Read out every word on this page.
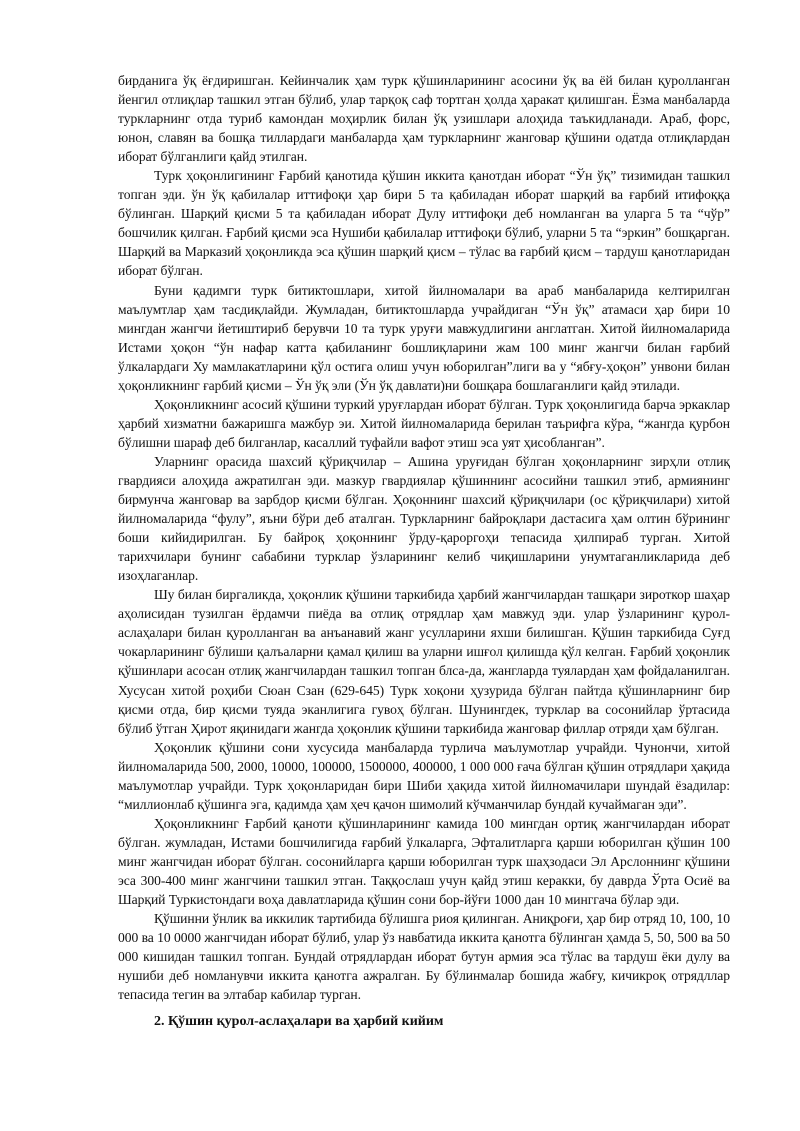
бирданига ўқ ёғдиришган. Кейинчалик ҳам турк қўшинларининг асосини ўқ ва ёй билан қуролланган йенгил отлиқлар ташкил этган бўлиб, улар тарқоқ саф тортган ҳолда ҳаракат қилишган. Ёзма манбаларда туркларнинг отда туриб камондан моҳирлик билан ўқ узишлари алоҳида таъкидланади. Араб, форс, юнон, славян ва бошқа тиллардаги манбаларда ҳам туркларнинг жанговар қўшини одатда отлиқлардан иборат бўлганлиги қайд этилган.

Турк ҳоқонлигининг Ғарбий қанотида қўшин иккита қанотдан иборат “Ўн ўқ” тизимидан ташкил топган эди. ўн ўқ қабилалар иттифоқи ҳар бири 5 та қабиладан иборат шарқий ва ғарбий итифоққа бўлинган. Шарқий қисми 5 та қабиладан иборат Дулу иттифоқи деб номланган ва уларга 5 та “чўр” бошчилик қилган. Ғарбий қисми эса Нушиби қабилалар иттифоқи бўлиб, уларни 5 та “эркин” бошқарган. Шарқий ва Марказий ҳоқонликда эса қўшин шарқий қисм – тўлас ва ғарбий қисм – тардуш қанотларидан иборат бўлган.

Буни қадимги турк битиктошлари, хитой йилномалари ва араб манбаларида келтирилган маълумтлар ҳам тасдиқлайди. Жумладан, битиктошларда учрайдиган “Ўн ўқ” атамаси ҳар бири 10 мингдан жангчи йетиштириб берувчи 10 та турк уруғи мавжудлигини англатган. Хитой йилномаларида Истами ҳоқон “ўн нафар катта қабиланинг бошлиқларини жам 100 минг жангчи билан ғарбий ўлкалардаги Ху мамлакатларини қўл остига олиш учун юборилган”лиги ва у “ябғу-ҳоқон” унвони билан ҳоқонликнинг ғарбий қисми – Ўн ўқ эли (Ўн ўқ давлати)ни бошқара бошлаганлиги қайд этилади.

Ҳоқонликнинг асосий қўшини туркий уруғлардан иборат бўлган. Турк ҳоқонлигида барча эркаклар ҳарбий хизматни бажаришга мажбур эи. Хитой йилномаларида берилан таърифга кўра, “жангда қурбон бўлишни шараф деб билганлар, касаллий туфайли вафот этиш эса уят ҳисобланган”.

Уларнинг орасида шахсий қўриқчилар – Ашина уруғидан бўлган ҳоқонларнинг зирҳли отлиқ гвардияси алоҳида ажратилган эди. мазкур гвардиялар қўшиннинг асосийни ташкил этиб, армиянинг бирмунча жанговар ва зарбдор қисми бўлган. Ҳоқоннинг шахсий қўриқчилари (ос қўриқчилари) хитой йилномаларида “фулу”, яъни бўри деб аталган. Туркларнинг байроқлари дастасига ҳам олтин бўрининг боши кийидирилган. Бу байроқ ҳоқоннинг ўрду-қароргоҳи тепасида ҳилпираб турган. Хитой тарихчилари бунинг сабабини турклар ўзларининг келиб чиқишларини унумтаганликларида деб изоҳлаганлар.

Шу билан биргаликда, ҳоқонлик қўшини таркибида ҳарбий жангчилардан ташқари зироткор шаҳар аҳолисидан тузилган ёрдамчи пиёда ва отлиқ отрядлар ҳам мавжуд эди. улар ўзларининг қурол-аслаҳалари билан қуролланган ва анъанавий жанг усулларини яхши билишган. Қўшин таркибида Суғд чокарларининг бўлиши қалъаларни қамал қилиш ва уларни ишғол қилишда қўл келган. Ғарбий ҳоқонлик қўшинлари асосан отлиқ жангчилардан ташкил топган блса-да, жангларда туялардан ҳам фойдаланилган. Хусусан хитой роҳиби Сюан Сзан (629-645) Турк хоқони ҳузурида бўлган пайтда қўшинларнинг бир қисми отда, бир қисми туяда эканлигига гувоҳ бўлган. Шунингдек, турклар ва сосонийлар ўртасида бўлиб ўтган Ҳирот яқинидаги жангда ҳоқонлик қўшини таркибида жанговар филлар отряди ҳам бўлган.

Ҳоқонлик қўшини сони хусусида манбаларда турлича маълумотлар учрайди. Чунончи, хитой йилномаларида 500, 2000, 10000, 100000, 1500000, 400000, 1 000 000 ғача бўлган қўшин отрядлари ҳақида маълумотлар учрайди. Турк ҳоқонларидан бири Шиби ҳақида хитой йилномачилари шундай ёзадилар: “миллионлаб қўшинга эга, қадимда ҳам ҳеч қачон шимолий кўчманчилар бундай кучаймаган эди”.

Ҳоқонликнинг Ғарбий қаноти қўшинларининг камида 100 мингдан ортиқ жангчилардан иборат бўлган. жумладан, Истами бошчилигида ғарбий ўлкаларга, Эфталитларга қарши юборилган қўшин 100 минг жангчидан иборат бўлган. сосонийларга қарши юборилган турк шаҳзодаси Эл Арслоннинг қўшини эса 300-400 минг жангчини ташкил этган. Таққослаш учун қайд этиш керакки, бу даврда Ўрта Осиё ва Шарқий Туркистондаги воҳа давлатларида қўшин сони бор-йўғи 1000 дан 10 минггача бўлар эди.

Қўшинни ўнлик ва иккилик тартибида бўлишга риоя қилинган. Аниқроғи, ҳар бир отряд 10, 100, 10 000 ва 10 0000 жангчидан иборат бўлиб, улар ўз навбатида иккита қанотга бўлинган ҳамда 5, 50, 500 ва 50 000 кишидан ташкил топган. Бундай отрядлардан иборат бутун армия эса тўлас ва тардуш ёки дулу ва нушиби деб номланувчи иккита қанотга ажралган. Бу бўлинмалар бошида жабғу, кичикроқ отрядллар тепасида тегин ва элтабар кабилар турган.

2. Қўшин қурол-аслаҳалари ва ҳарбий кийим
